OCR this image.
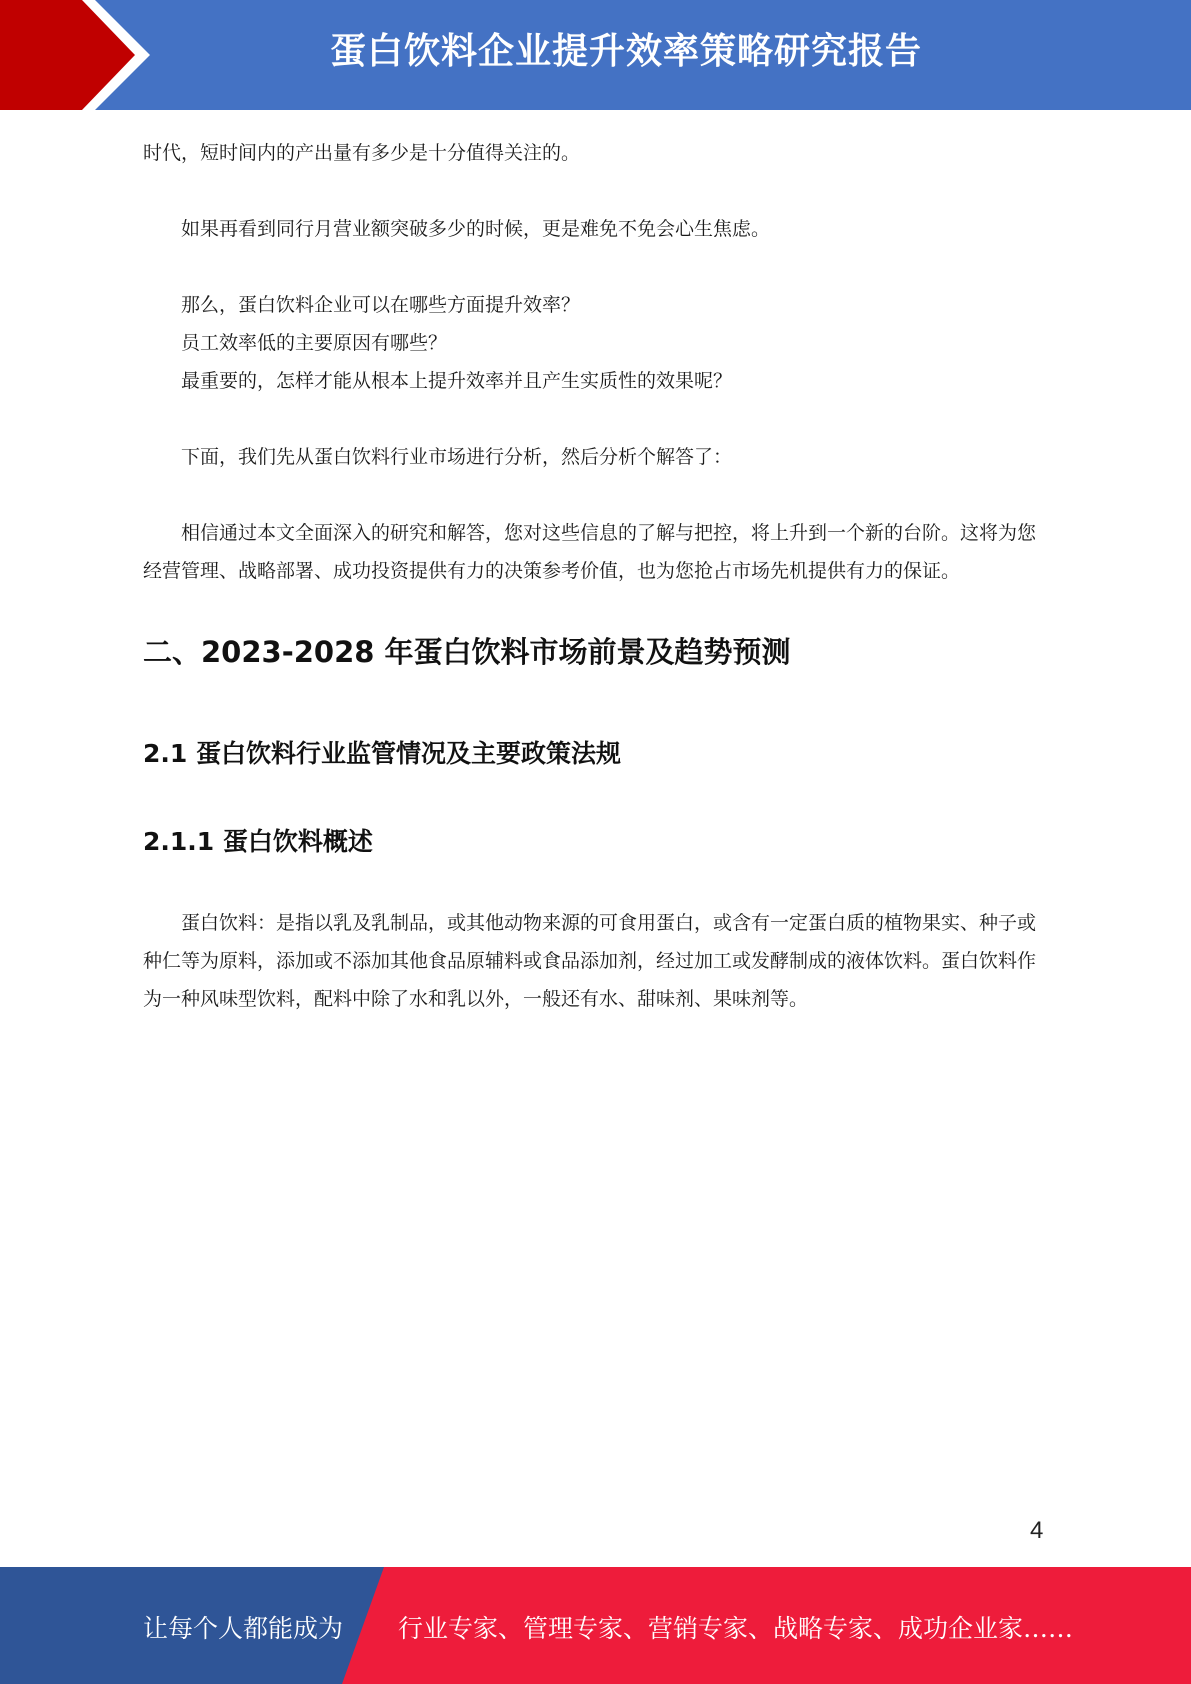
蛋白饮料企业提升效率策略研究报告

时代，短时间内的产出量有多少是十分值得关注的。

如果再看到同行月营业额突破多少的时候，更是难免不免会心生焦虑。

那么，蛋白饮料企业可以在哪些方面提升效率？

员工效率低的主要原因有哪些？

最重要的，怎样才能从根本上提升效率并且产生实质性的效果呢？

下面，我们先从蛋白饮料行业市场进行分析，然后分析个解答了：

相信通过本文全面深入的研究和解答，您对这些信息的了解与把控，将上升到一个新的台阶。这将为您经营管理、战略部署、成功投资提供有力的决策参考价值，也为您抢占市场先机提供有力的保证。

二、2023-2028 年蛋白饮料市场前景及趋势预测
2.1 蛋白饮料行业监管情况及主要政策法规
2.1.1 蛋白饮料概述

蛋白饮料：是指以乳及乳制品，或其他动物来源的可食用蛋白，或含有一定蛋白质的植物果实、种子或种仁等为原料，添加或不添加其他食品原辅料或食品添加剂，经过加工或发酵制成的液体饮料。蛋白饮料作为一种风味型饮料，配料中除了水和乳以外，一般还有水、甜味剂、果味剂等。

4
让每个人都能成为 行业专家、管理专家、营销专家、战略专家、成功企业家……
